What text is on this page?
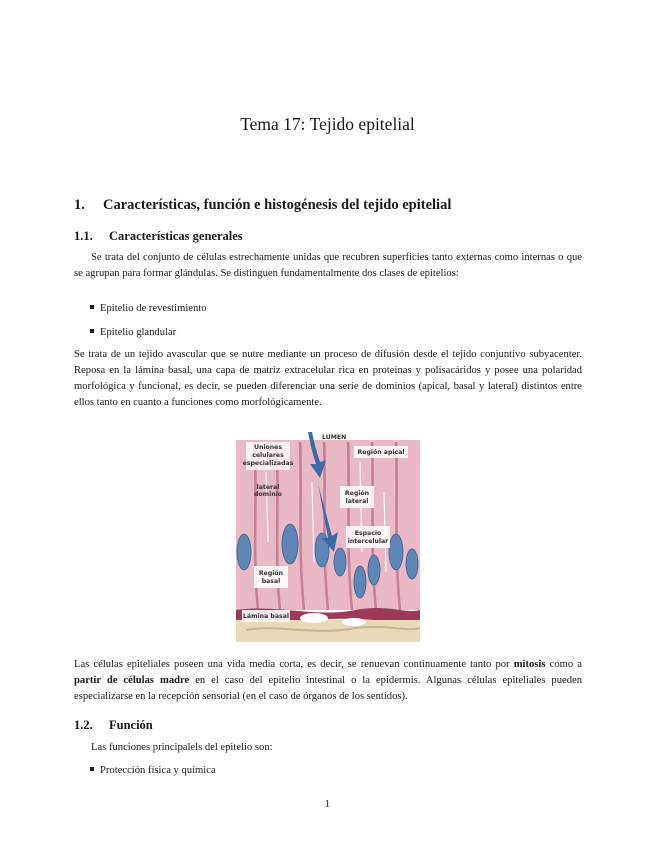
Tema 17: Tejido epitelial
1. Características, función e histogénesis del tejido epitelial
1.1. Características generales
Se trata del conjunto de células estrechamente unidas que recubren superficies tanto externas como internas o que se agrupan para formar glándulas. Se distinguen fundamentalmente dos clases de epitelios:
Epitelio de revestimiento
Epitelio glandular
Se trata de un tejido avascular que se nutre mediante un proceso de difusión desde el tejido conjuntivo subyacenter. Reposa en la lámina basal, una capa de matriz extracelular rica en proteínas y polisacáridos y posee una polaridad morfológica y funcional, es decir, se pueden diferenciar una serie de dominios (apical, basal y lateral) distintos entre ellos tanto en cuanto a funciones como morfológicamente.
Uniones
celulares
especializadas
LUMEN
Región apical
lateral
dominio	Región
lateral
Espacio
intercelular
Región
basal
Lámina basal
Las células epiteliales poseen una vida media corta, es decir, se renuevan continuamente tanto por mitosis como a partir de células madre en el caso del epitelio intestinal o la epidermis. Algunas células epiteliales pueden especializarse en la recepción sensorial (en el caso de órganos de los sentidos).
1.2. Función
Las funciones principalels del epitelio son:
Protección física y química
1
